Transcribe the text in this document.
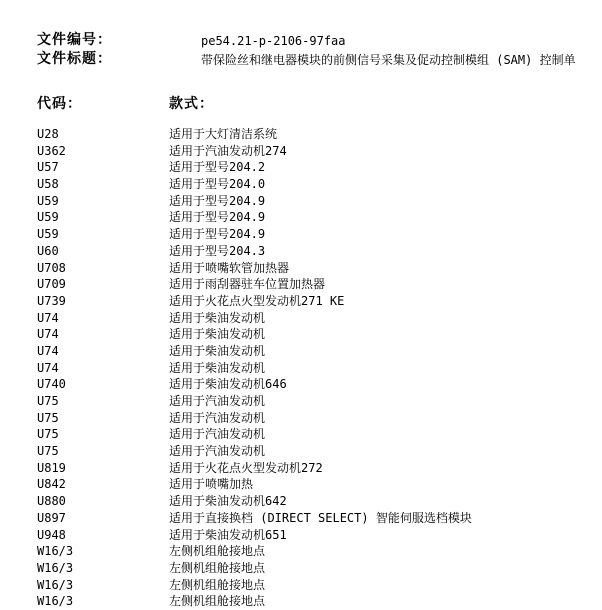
文件编号：	pe54.21-p-2106-97faa
文件标题：	带保险丝和继电器模块的前侧信号采集及促动控制模组 (SAM) 控制单
代码：	款式：
U28	适用于大灯清洁系统
U362	适用于汽油发动机274
U57	适用于型号204.2
U58	适用于型号204.0
U59	适用于型号204.9
U59	适用于型号204.9
U59	适用于型号204.9
U60	适用于型号204.3
U708	适用于喷嘴软管加热器
U709	适用于雨刮器驻车位置加热器
U739	适用于火花点火型发动机271 KE
U74	适用于柴油发动机
U74	适用于柴油发动机
U74	适用于柴油发动机
U74	适用于柴油发动机
U740	适用于柴油发动机646
U75	适用于汽油发动机
U75	适用于汽油发动机
U75	适用于汽油发动机
U75	适用于汽油发动机
U819	适用于火花点火型发动机272
U842	适用于喷嘴加热
U880	适用于柴油发动机642
U897	适用于直接换档 (DIRECT SELECT) 智能伺服选档模块
U948	适用于柴油发动机651
W16/3	左侧机组舱接地点
W16/3	左侧机组舱接地点
W16/3	左侧机组舱接地点
W16/3	左侧机组舱接地点
